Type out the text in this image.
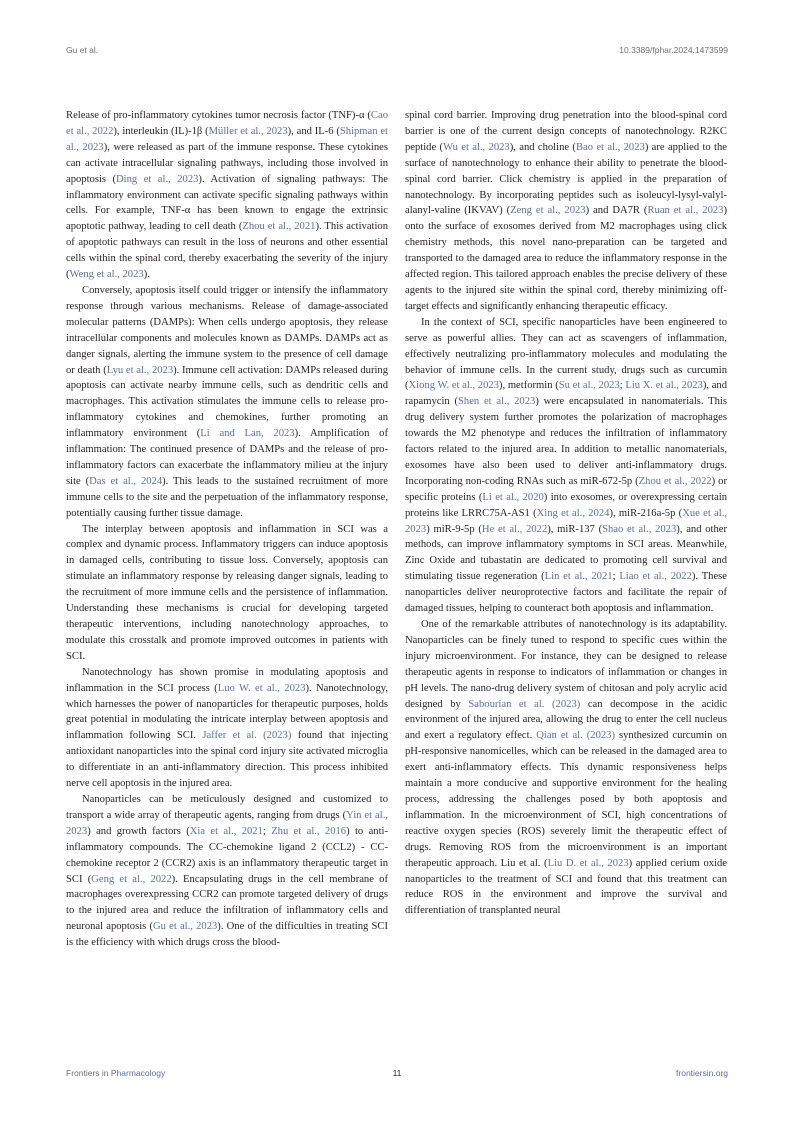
Gu et al.	10.3389/fphar.2024.1473599

Release of pro-inflammatory cytokines tumor necrosis factor (TNF)-α (Cao et al., 2022), interleukin (IL)-1β (Müller et al., 2023), and IL-6 (Shipman et al., 2023), were released as part of the immune response. These cytokines can activate intracellular signaling pathways, including those involved in apoptosis (Ding et al., 2023). Activation of signaling pathways: The inflammatory environment can activate specific signaling pathways within cells. For example, TNF-α has been known to engage the extrinsic apoptotic pathway, leading to cell death (Zhou et al., 2021). This activation of apoptotic pathways can result in the loss of neurons and other essential cells within the spinal cord, thereby exacerbating the severity of the injury (Weng et al., 2023).

Conversely, apoptosis itself could trigger or intensify the inflammatory response through various mechanisms. Release of damage-associated molecular patterns (DAMPs): When cells undergo apoptosis, they release intracellular components and molecules known as DAMPs. DAMPs act as danger signals, alerting the immune system to the presence of cell damage or death (Lyu et al., 2023). Immune cell activation: DAMPs released during apoptosis can activate nearby immune cells, such as dendritic cells and macrophages. This activation stimulates the immune cells to release pro-inflammatory cytokines and chemokines, further promoting an inflammatory environment (Li and Lan, 2023). Amplification of inflammation: The continued presence of DAMPs and the release of pro-inflammatory factors can exacerbate the inflammatory milieu at the injury site (Das et al., 2024). This leads to the sustained recruitment of more immune cells to the site and the perpetuation of the inflammatory response, potentially causing further tissue damage.

The interplay between apoptosis and inflammation in SCI was a complex and dynamic process. Inflammatory triggers can induce apoptosis in damaged cells, contributing to tissue loss. Conversely, apoptosis can stimulate an inflammatory response by releasing danger signals, leading to the recruitment of more immune cells and the persistence of inflammation. Understanding these mechanisms is crucial for developing targeted therapeutic interventions, including nanotechnology approaches, to modulate this crosstalk and promote improved outcomes in patients with SCI.

Nanotechnology has shown promise in modulating apoptosis and inflammation in the SCI process (Luo W. et al., 2023). Nanotechnology, which harnesses the power of nanoparticles for therapeutic purposes, holds great potential in modulating the intricate interplay between apoptosis and inflammation following SCI. Jaffer et al. (2023) found that injecting antioxidant nanoparticles into the spinal cord injury site activated microglia to differentiate in an anti-inflammatory direction. This process inhibited nerve cell apoptosis in the injured area.

Nanoparticles can be meticulously designed and customized to transport a wide array of therapeutic agents, ranging from drugs (Yin et al., 2023) and growth factors (Xia et al., 2021; Zhu et al., 2016) to anti-inflammatory compounds. The CC-chemokine ligand 2 (CCL2) - CC-chemokine receptor 2 (CCR2) axis is an inflammatory therapeutic target in SCI (Geng et al., 2022). Encapsulating drugs in the cell membrane of macrophages overexpressing CCR2 can promote targeted delivery of drugs to the injured area and reduce the infiltration of inflammatory cells and neuronal apoptosis (Gu et al., 2023). One of the difficulties in treating SCI is the efficiency with which drugs cross the blood-

spinal cord barrier. Improving drug penetration into the blood-spinal cord barrier is one of the current design concepts of nanotechnology. R2KC peptide (Wu et al., 2023), and choline (Bao et al., 2023) are applied to the surface of nanotechnology to enhance their ability to penetrate the blood-spinal cord barrier. Click chemistry is applied in the preparation of nanotechnology. By incorporating peptides such as isoleucyl-lysyl-valyl-alanyl-valine (IKVAV) (Zeng et al., 2023) and DA7R (Ruan et al., 2023) onto the surface of exosomes derived from M2 macrophages using click chemistry methods, this novel nano-preparation can be targeted and transported to the damaged area to reduce the inflammatory response in the affected region. This tailored approach enables the precise delivery of these agents to the injured site within the spinal cord, thereby minimizing off-target effects and significantly enhancing therapeutic efficacy.

In the context of SCI, specific nanoparticles have been engineered to serve as powerful allies. They can act as scavengers of inflammation, effectively neutralizing pro-inflammatory molecules and modulating the behavior of immune cells. In the current study, drugs such as curcumin (Xiong W. et al., 2023), metformin (Su et al., 2023; Liu X. et al., 2023), and rapamycin (Shen et al., 2023) were encapsulated in nanomaterials. This drug delivery system further promotes the polarization of macrophages towards the M2 phenotype and reduces the infiltration of inflammatory factors related to the injured area. In addition to metallic nanomaterials, exosomes have also been used to deliver anti-inflammatory drugs. Incorporating non-coding RNAs such as miR-672-5p (Zhou et al., 2022) or specific proteins (Li et al., 2020) into exosomes, or overexpressing certain proteins like LRRC75A-AS1 (Xing et al., 2024), miR-216a-5p (Xue et al., 2023) miR-9-5p (He et al., 2022), miR-137 (Shao et al., 2023), and other methods, can improve inflammatory symptoms in SCI areas. Meanwhile, Zinc Oxide and tubastatin are dedicated to promoting cell survival and stimulating tissue regeneration (Lin et al., 2021; Liao et al., 2022). These nanoparticles deliver neuroprotective factors and facilitate the repair of damaged tissues, helping to counteract both apoptosis and inflammation.

One of the remarkable attributes of nanotechnology is its adaptability. Nanoparticles can be finely tuned to respond to specific cues within the injury microenvironment. For instance, they can be designed to release therapeutic agents in response to indicators of inflammation or changes in pH levels. The nano-drug delivery system of chitosan and poly acrylic acid designed by Sabourian et al. (2023) can decompose in the acidic environment of the injured area, allowing the drug to enter the cell nucleus and exert a regulatory effect. Qian et al. (2023) synthesized curcumin on pH-responsive nanomicelles, which can be released in the damaged area to exert anti-inflammatory effects. This dynamic responsiveness helps maintain a more conducive and supportive environment for the healing process, addressing the challenges posed by both apoptosis and inflammation. In the microenvironment of SCI, high concentrations of reactive oxygen species (ROS) severely limit the therapeutic effect of drugs. Removing ROS from the microenvironment is an important therapeutic approach. Liu et al. (Liu D. et al., 2023) applied cerium oxide nanoparticles to the treatment of SCI and found that this treatment can reduce ROS in the environment and improve the survival and differentiation of transplanted neural

Frontiers in Pharmacology	11	frontiersin.org
